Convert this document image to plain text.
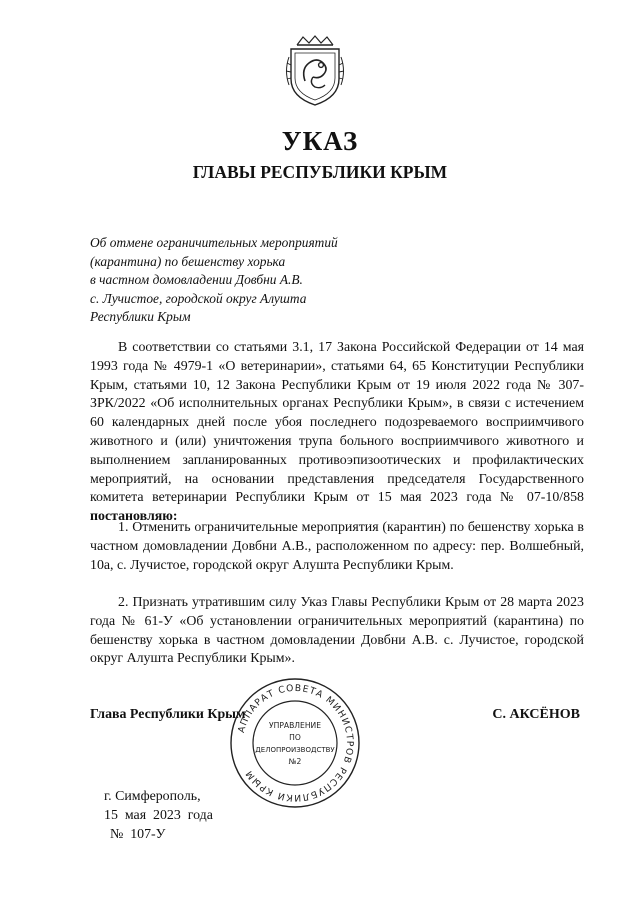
УКАЗ
ГЛАВЫ РЕСПУБЛИКИ КРЫМ
Об отмене ограничительных мероприятий
(карантина) по бешенству хорька
в частном домовладении Довбни А.В.
с. Лучистое, городской округ Алушта
Республики Крым
В соответствии со статьями 3.1, 17 Закона Российской Федерации от 14 мая 1993 года № 4979-1 «О ветеринарии», статьями 64, 65 Конституции Республики Крым, статьями 10, 12 Закона Республики Крым от 19 июля 2022 года № 307-ЗРК/2022 «Об исполнительных органах Республики Крым», в связи с истечением 60 календарных дней после убоя последнего подозреваемого восприимчивого животного и (или) уничтожения трупа больного восприимчивого животного и выполнением запланированных противоэпизоотических и профилактических мероприятий, на основании представления председателя Государственного комитета ветеринарии Республики Крым от 15 мая 2023 года № 07-10/858 постановляю:
1. Отменить ограничительные мероприятия (карантин) по бешенству хорька в частном домовладении Довбни А.В., расположенном по адресу: пер. Волшебный, 10а, с. Лучистое, городской округ Алушта Республики Крым.
2. Признать утратившим силу Указ Главы Республики Крым от 28 марта 2023 года № 61-У «Об установлении ограничительных мероприятий (карантина) по бешенству хорька в частном домовладении Довбни А.В. с. Лучистое, городской округ Алушта Республики Крым».
Глава Республики Крым	С. АКСЁНОВ
АППАРАТ СОВЕТА МИНИСТРОВ РЕСПУБЛИКИ КРЫМ
УПРАВЛЕНИЕ
ПО
ДЕЛОПРОИЗВОДСТВУ
№2
г. Симферополь,
15  мая  2023  года
№  107-У
